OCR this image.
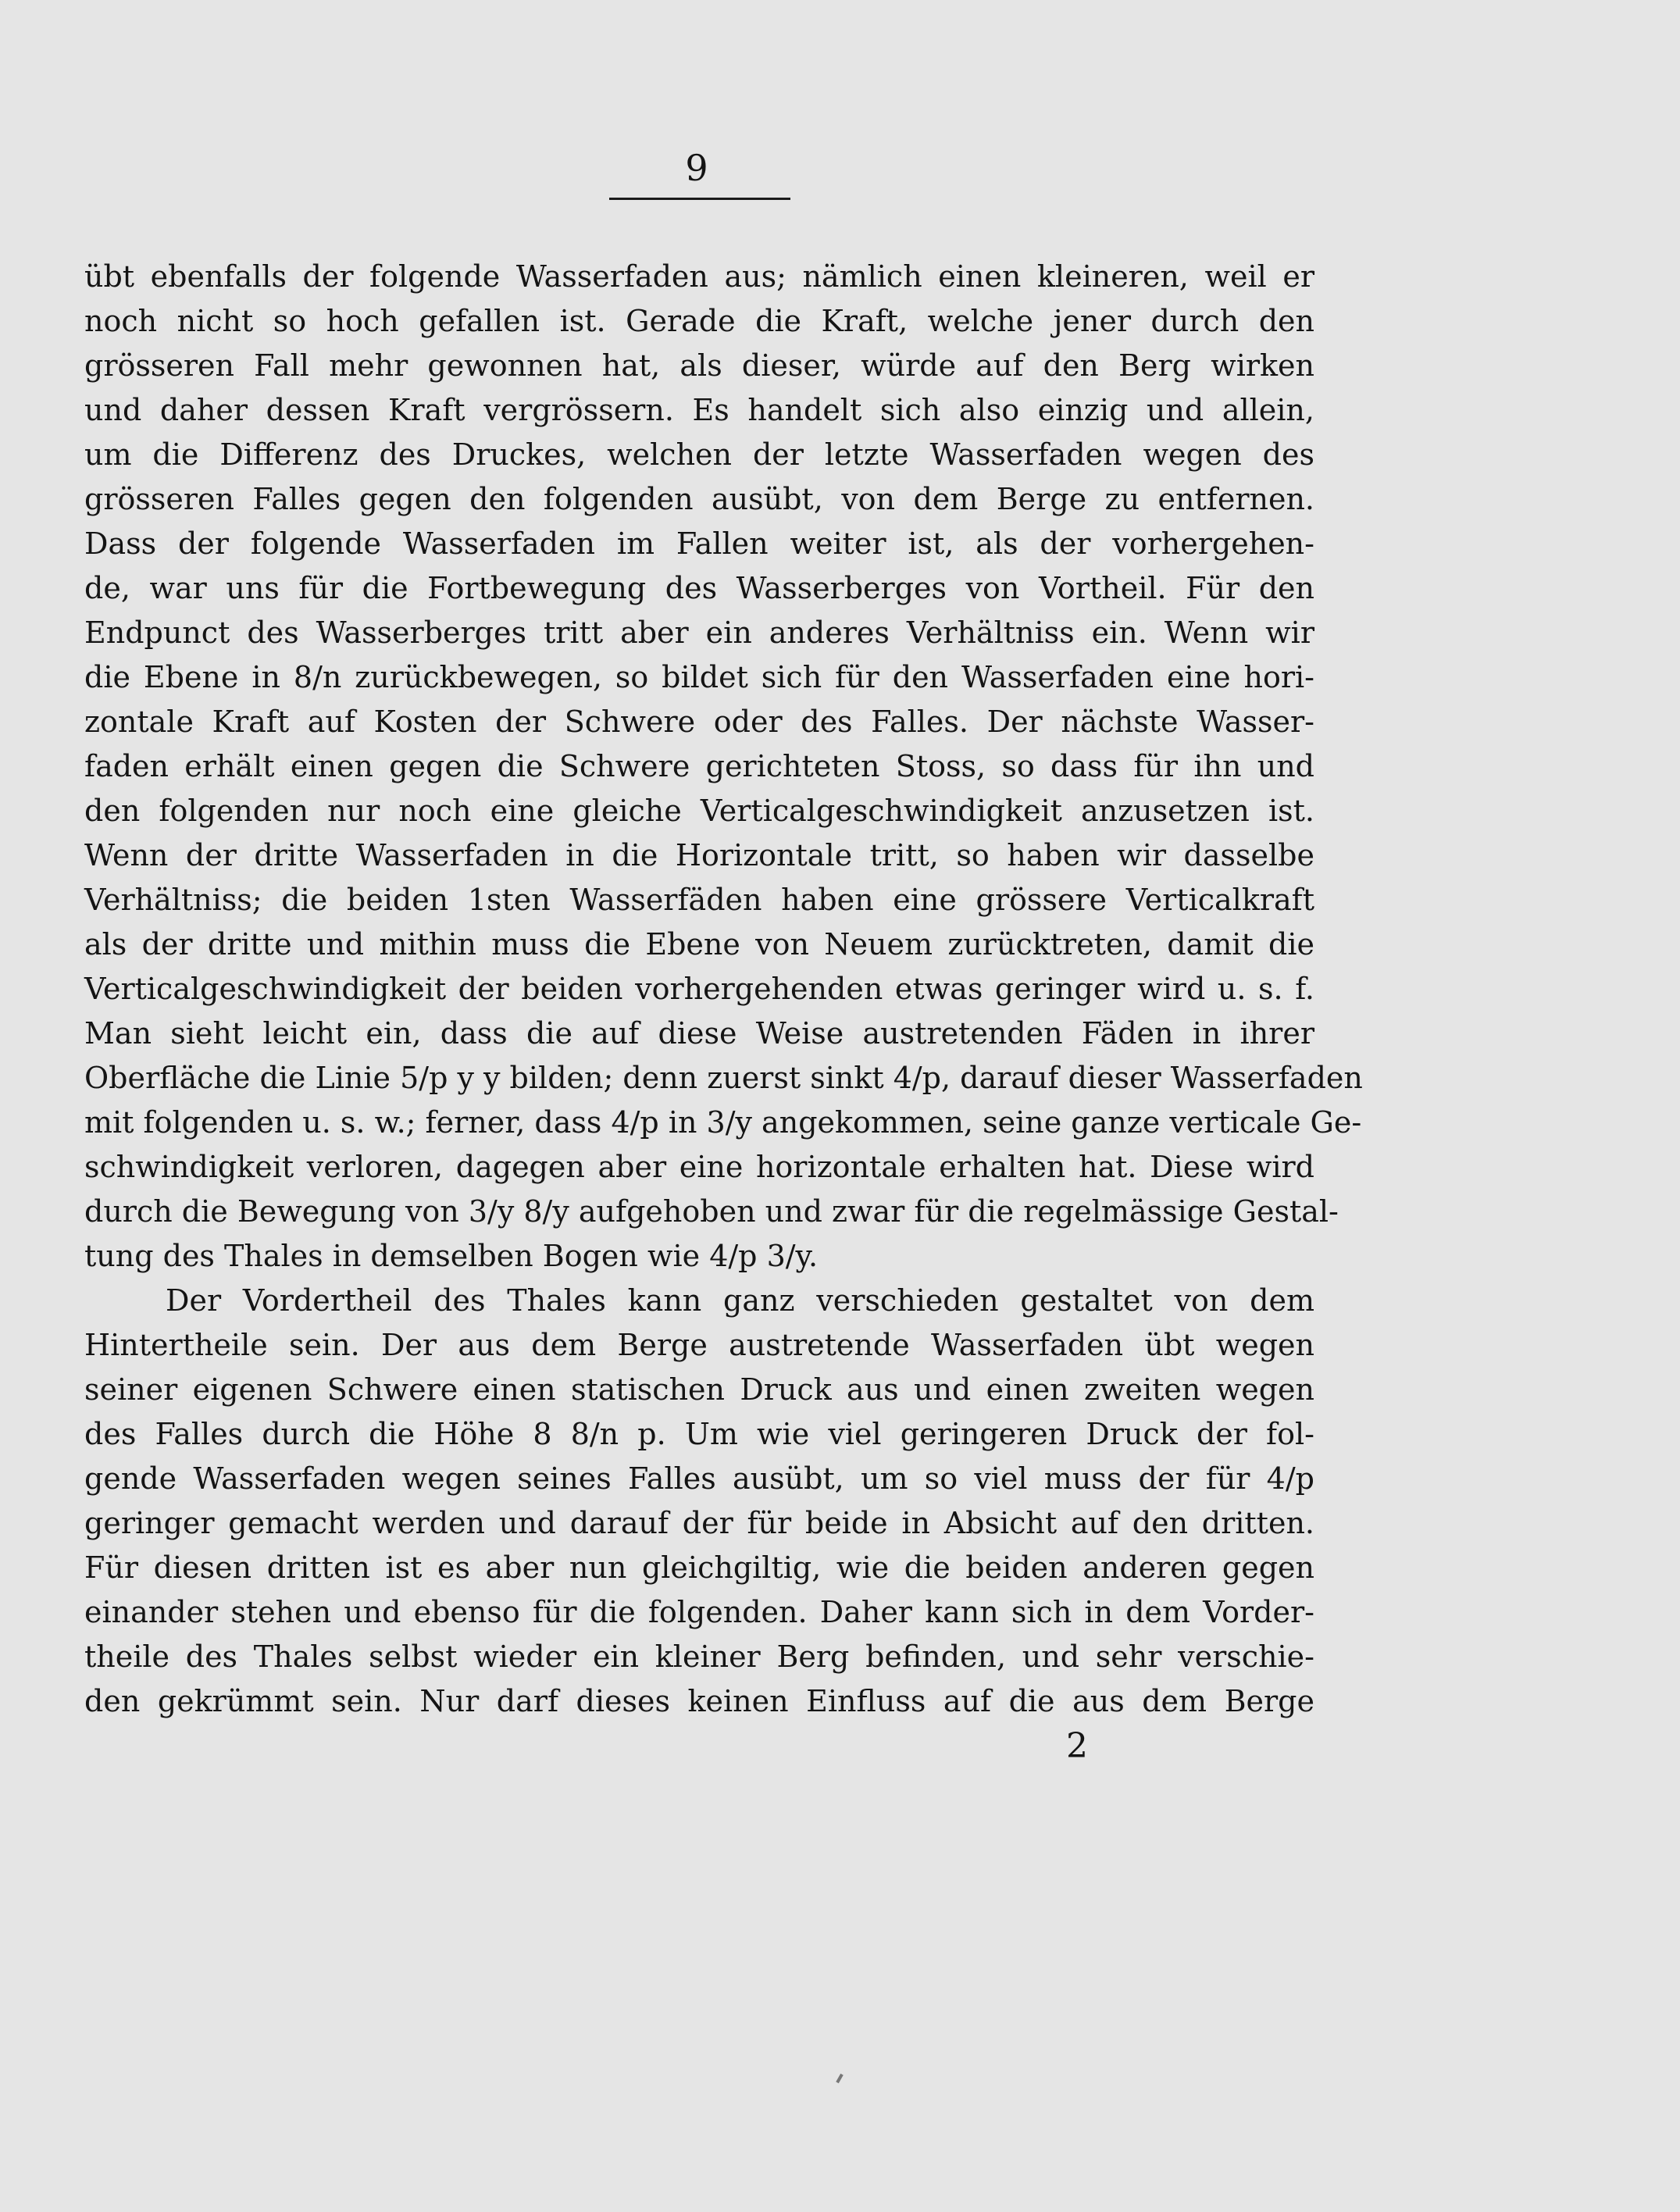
9
übt ebenfalls der folgende Wasserfaden aus; nämlich einen kleineren, weil er
noch nicht so hoch gefallen ist. Gerade die Kraft, welche jener durch den
grösseren Fall mehr gewonnen hat, als dieser, würde auf den Berg wirken
und daher dessen Kraft vergrössern. Es handelt sich also einzig und allein,
um die Differenz des Druckes, welchen der letzte Wasserfaden wegen des
grösseren Falles gegen den folgenden ausübt, von dem Berge zu entfernen.
Dass der folgende Wasserfaden im Fallen weiter ist, als der vorhergehen-
de, war uns für die Fortbewegung des Wasserberges von Vortheil. Für den
Endpunct des Wasserberges tritt aber ein anderes Verhältniss ein. Wenn wir
die Ebene in 8/n zurückbewegen, so bildet sich für den Wasserfaden eine hori-
zontale Kraft auf Kosten der Schwere oder des Falles. Der nächste Wasser-
faden erhält einen gegen die Schwere gerichteten Stoss, so dass für ihn und
den folgenden nur noch eine gleiche Verticalgeschwindigkeit anzusetzen ist.
Wenn der dritte Wasserfaden in die Horizontale tritt, so haben wir dasselbe
Verhältniss; die beiden 1sten Wasserfäden haben eine grössere Verticalkraft
als der dritte und mithin muss die Ebene von Neuem zurücktreten, damit die
Verticalgeschwindigkeit der beiden vorhergehenden etwas geringer wird u. s. f.
Man sieht leicht ein, dass die auf diese Weise austretenden Fäden in ihrer
Oberfläche die Linie 5/p y y bilden; denn zuerst sinkt 4/p, darauf dieser Wasserfaden
mit folgenden u. s. w.; ferner, dass 4/p in 3/y angekommen, seine ganze verticale Ge-
schwindigkeit verloren, dagegen aber eine horizontale erhalten hat. Diese wird
durch die Bewegung von 3/y 8/y aufgehoben und zwar für die regelmässige Gestal-
tung des Thales in demselben Bogen wie 4/p 3/y.
Der Vordertheil des Thales kann ganz verschieden gestaltet von dem
Hintertheile sein. Der aus dem Berge austretende Wasserfaden übt wegen
seiner eigenen Schwere einen statischen Druck aus und einen zweiten wegen
des Falles durch die Höhe 8 8/n p. Um wie viel geringeren Druck der fol-
gende Wasserfaden wegen seines Falles ausübt, um so viel muss der für 4/p
geringer gemacht werden und darauf der für beide in Absicht auf den dritten.
Für diesen dritten ist es aber nun gleichgiltig, wie die beiden anderen gegen
einander stehen und ebenso für die folgenden. Daher kann sich in dem Vorder-
theile des Thales selbst wieder ein kleiner Berg befinden, und sehr verschie-
den gekrümmt sein. Nur darf dieses keinen Einfluss auf die aus dem Berge
2
